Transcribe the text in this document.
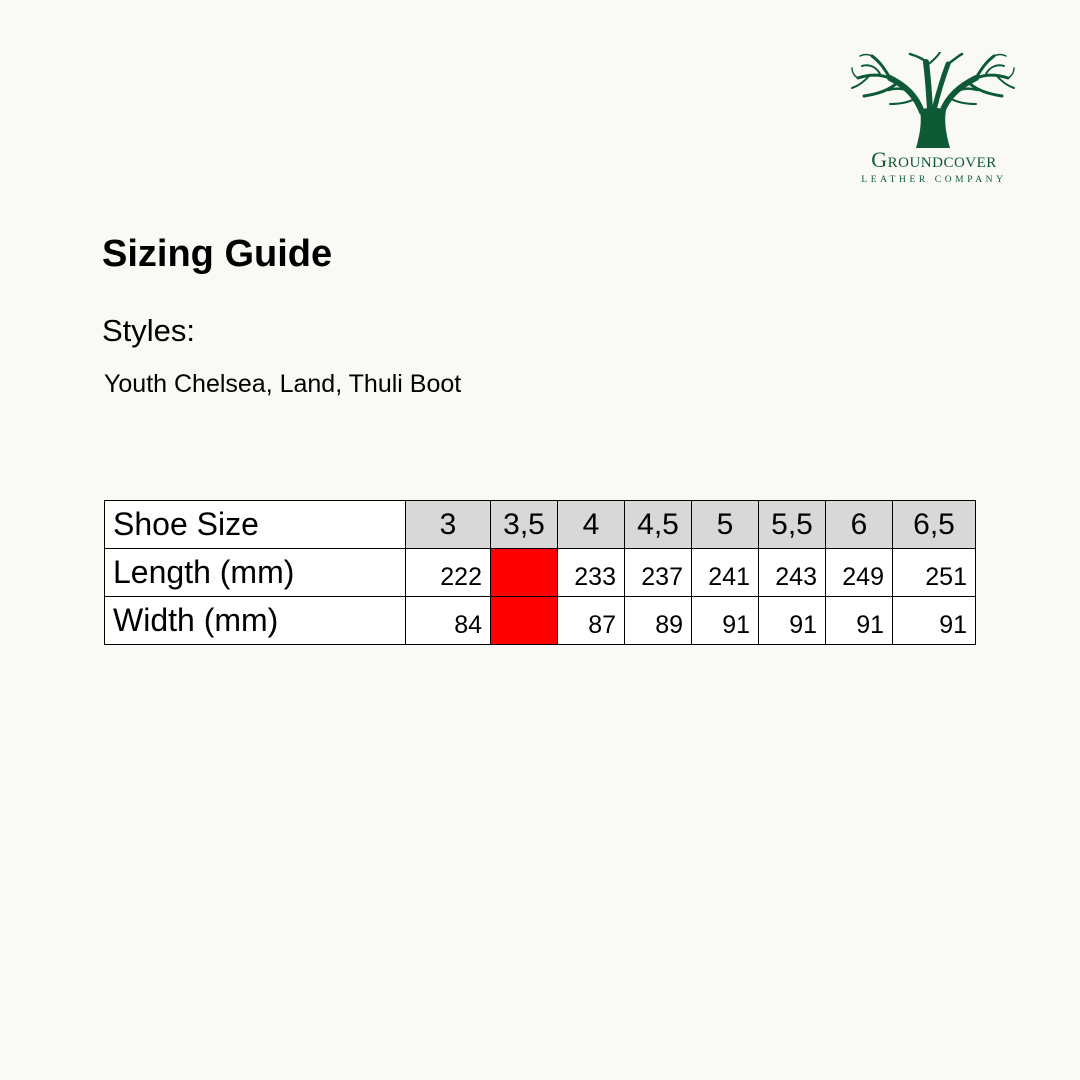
Groundcover
LEATHER COMPANY
Sizing Guide
Styles:
Youth Chelsea, Land, Thuli Boot
Shoe Size	3	3,5	4	4,5	5	5,5	6	6,5
Length (mm)	222		233	237	241	243	249	251
Width (mm)	84		87	89	91	91	91	91
